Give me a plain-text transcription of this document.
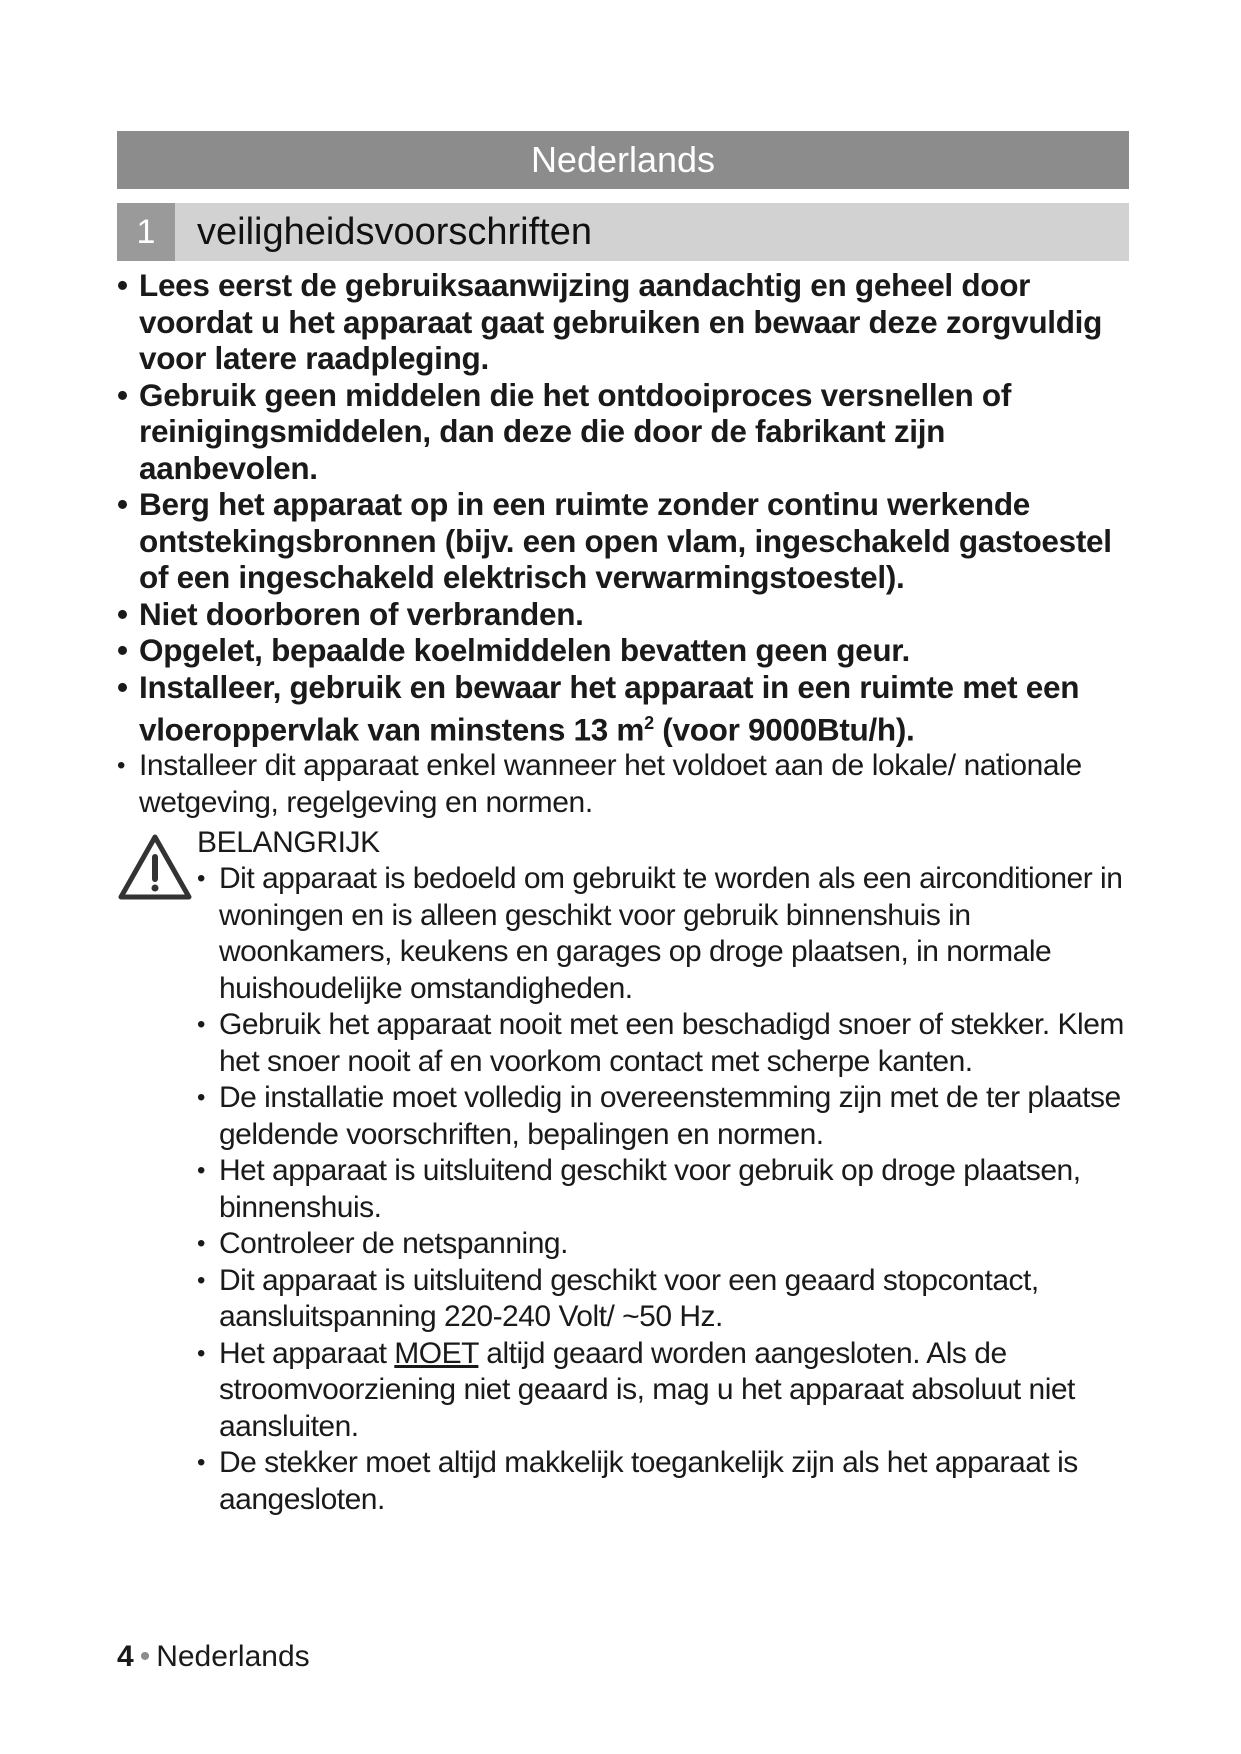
Nederlands
1	veiligheidsvoorschriften
• Lees eerst de gebruiksaanwijzing aandachtig en geheel door voordat u het apparaat gaat gebruiken en bewaar deze zorgvuldig voor latere raadpleging.
• Gebruik geen middelen die het ontdooiproces versnellen of reinigingsmiddelen, dan deze die door de fabrikant zijn aanbevolen.
• Berg het apparaat op in een ruimte zonder continu werkende ontstekingsbronnen (bijv. een open vlam, ingeschakeld gastoestel of een ingeschakeld elektrisch verwarmingstoestel).
• Niet doorboren of verbranden.
• Opgelet, bepaalde koelmiddelen bevatten geen geur.
• Installeer, gebruik en bewaar het apparaat in een ruimte met een vloeroppervlak van minstens 13 $m^2$ (voor 9000Btu/h).
• Installeer dit apparaat enkel wanneer het voldoet aan de lokale/ nationale wetgeving, regelgeving en normen.
BELANGRIJK
• Dit apparaat is bedoeld om gebruikt te worden als een airconditioner in woningen en is alleen geschikt voor gebruik binnenshuis in woonkamers, keukens en garages op droge plaatsen, in normale huishoudelijke omstandigheden.
• Gebruik het apparaat nooit met een beschadigd snoer of stekker. Klem het snoer nooit af en voorkom contact met scherpe kanten.
• De installatie moet volledig in overeenstemming zijn met de ter plaatse geldende voorschriften, bepalingen en normen.
• Het apparaat is uitsluitend geschikt voor gebruik op droge plaatsen, binnenshuis.
• Controleer de netspanning.
• Dit apparaat is uitsluitend geschikt voor een geaard stopcontact, aansluitspanning 220-240 Volt/ ~50 Hz.
• Het apparaat MOET altijd geaard worden aangesloten. Als de stroomvoorziening niet geaard is, mag u het apparaat absoluut niet aansluiten.
• De stekker moet altijd makkelijk toegankelijk zijn als het apparaat is aangesloten.
4 • Nederlands
